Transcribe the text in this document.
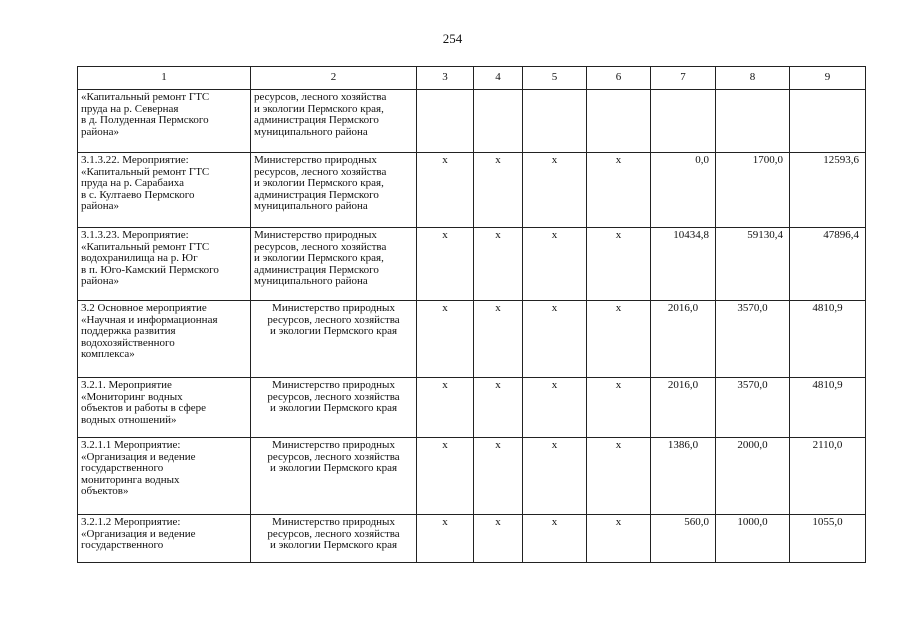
254
1	2	3	4	5	6	7	8	9

«Капитальный ремонт ГТС
пруда на р. Северная
в д. Полуденная Пермского
района»	ресурсов, лесного хозяйства
и экологии Пермского края,
администрация Пермского
муниципального района							

3.1.3.22. Мероприятие:
«Капитальный ремонт ГТС
пруда на р. Сарабаиха
в с. Култаево Пермского
района»	Министерство природных
ресурсов, лесного хозяйства
и экологии Пермского края,
администрация Пермского
муниципального района	х	х	х	х	0,0	1700,0	12593,6

3.1.3.23. Мероприятие:
«Капитальный ремонт ГТС
водохранилища на р. Юг
в п. Юго-Камский Пермского
района»	Министерство природных
ресурсов, лесного хозяйства
и экологии Пермского края,
администрация Пермского
муниципального района	х	х	х	х	10434,8	59130,4	47896,4

3.2 Основное мероприятие
«Научная и информационная
поддержка развития
водохозяйственного
комплекса»	Министерство природных
ресурсов, лесного хозяйства
и экологии Пермского края	х	х	х	х	2016,0	3570,0	4810,9

3.2.1. Мероприятие
«Мониторинг водных
объектов и работы в сфере
водных отношений»	Министерство природных
ресурсов, лесного хозяйства
и экологии Пермского края	х	х	х	х	2016,0	3570,0	4810,9

3.2.1.1 Мероприятие:
«Организация и ведение
государственного
мониторинга водных
объектов»	Министерство природных
ресурсов, лесного хозяйства
и экологии Пермского края	х	х	х	х	1386,0	2000,0	2110,0

3.2.1.2 Мероприятие:
«Организация и ведение
государственного	Министерство природных
ресурсов, лесного хозяйства
и экологии Пермского края	х	х	х	х	560,0	1000,0	1055,0
